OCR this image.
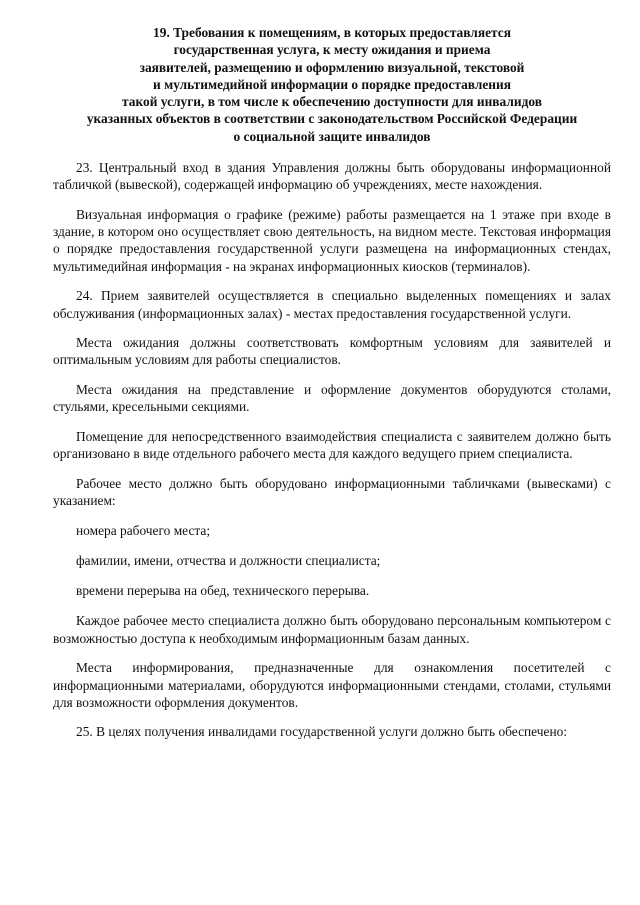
19. Требования к помещениям, в которых предоставляется
государственная услуга, к месту ожидания и приема
заявителей, размещению и оформлению визуальной, текстовой
и мультимедийной информации о порядке предоставления
такой услуги, в том числе к обеспечению доступности для инвалидов
указанных объектов в соответствии с законодательством Российской Федерации
о социальной защите инвалидов

23. Центральный вход в здания Управления должны быть оборудованы информационной табличкой (вывеской), содержащей информацию об учреждениях, месте нахождения.

Визуальная информация о графике (режиме) работы размещается на 1 этаже при входе в здание, в котором оно осуществляет свою деятельность, на видном месте. Текстовая информация о порядке предоставления государственной услуги размещена на информационных стендах, мультимедийная информация - на экранах информационных киосков (терминалов).

24. Прием заявителей осуществляется в специально выделенных помещениях и залах обслуживания (информационных залах) - местах предоставления государственной услуги.

Места ожидания должны соответствовать комфортным условиям для заявителей и оптимальным условиям для работы специалистов.

Места ожидания на представление и оформление документов оборудуются столами, стульями, кресельными секциями.

Помещение для непосредственного взаимодействия специалиста с заявителем должно быть организовано в виде отдельного рабочего места для каждого ведущего прием специалиста.

Рабочее место должно быть оборудовано информационными табличками (вывесками) с указанием:

номера рабочего места;

фамилии, имени, отчества и должности специалиста;

времени перерыва на обед, технического перерыва.

Каждое рабочее место специалиста должно быть оборудовано персональным компьютером с возможностью доступа к необходимым информационным базам данных.

Места информирования, предназначенные для ознакомления посетителей с информационными материалами, оборудуются информационными стендами, столами, стульями для возможности оформления документов.

25. В целях получения инвалидами государственной услуги должно быть обеспечено:
